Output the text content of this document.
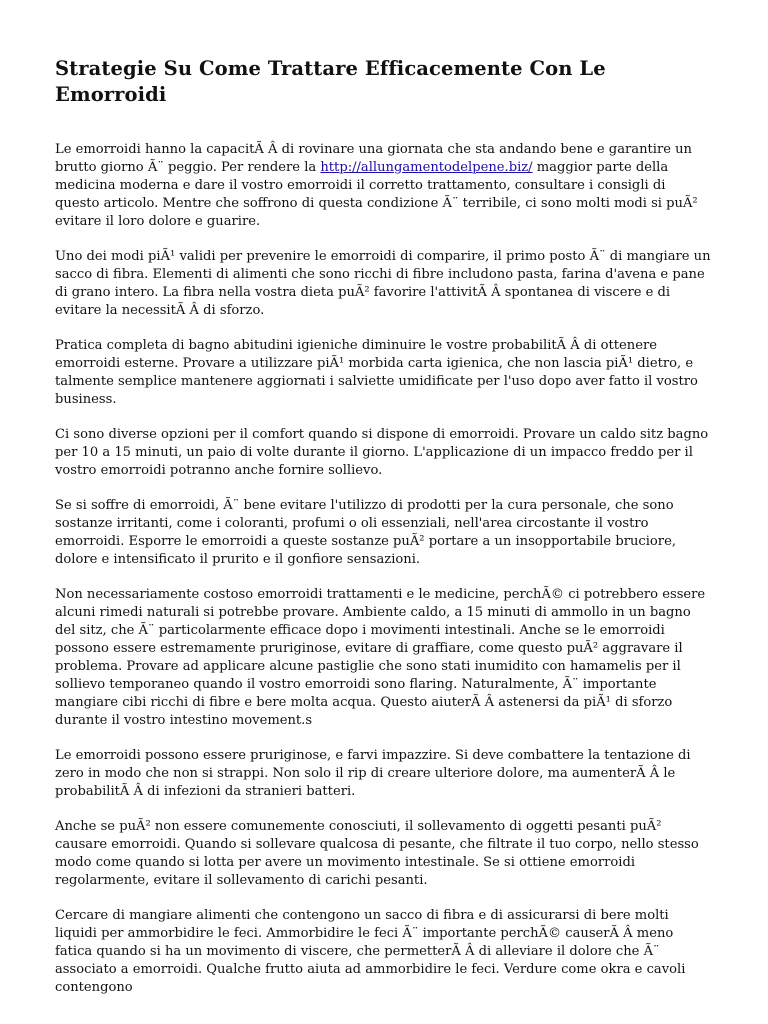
Strategie Su Come Trattare Efficacemente Con Le Emorroidi

Le emorroidi hanno la capacitÃ Â di rovinare una giornata che sta andando bene e garantire un brutto giorno Ã¨ peggio. Per rendere la http://allungamentodelpene.biz/ maggior parte della medicina moderna e dare il vostro emorroidi il corretto trattamento, consultare i consigli di questo articolo. Mentre che soffrono di questa condizione Ã¨ terribile, ci sono molti modi si puÃ² evitare il loro dolore e guarire.

Uno dei modi piÃ¹ validi per prevenire le emorroidi di comparire, il primo posto Ã¨ di mangiare un sacco di fibra. Elementi di alimenti che sono ricchi di fibre includono pasta, farina d'avena e pane di grano intero. La fibra nella vostra dieta puÃ² favorire l'attivitÃ Â spontanea di viscere e di evitare la necessitÃ Â di sforzo.

Pratica completa di bagno abitudini igieniche diminuire le vostre probabilitÃ Â di ottenere emorroidi esterne. Provare a utilizzare piÃ¹ morbida carta igienica, che non lascia piÃ¹ dietro, e talmente semplice mantenere aggiornati i salviette umidificate per l'uso dopo aver fatto il vostro business.

Ci sono diverse opzioni per il comfort quando si dispone di emorroidi. Provare un caldo sitz bagno per 10 a 15 minuti, un paio di volte durante il giorno. L'applicazione di un impacco freddo per il vostro emorroidi potranno anche fornire sollievo.

Se si soffre di emorroidi, Ã¨ bene evitare l'utilizzo di prodotti per la cura personale, che sono sostanze irritanti, come i coloranti, profumi o oli essenziali, nell'area circostante il vostro emorroidi. Esporre le emorroidi a queste sostanze puÃ² portare a un insopportabile bruciore, dolore e intensificato il prurito e il gonfiore sensazioni.

Non necessariamente costoso emorroidi trattamenti e le medicine, perchÃ© ci potrebbero essere alcuni rimedi naturali si potrebbe provare. Ambiente caldo, a 15 minuti di ammollo in un bagno del sitz, che Ã¨ particolarmente efficace dopo i movimenti intestinali. Anche se le emorroidi possono essere estremamente pruriginose, evitare di graffiare, come questo puÃ² aggravare il problema. Provare ad applicare alcune pastiglie che sono stati inumidito con hamamelis per il sollievo temporaneo quando il vostro emorroidi sono flaring. Naturalmente, Ã¨ importante mangiare cibi ricchi di fibre e bere molta acqua. Questo aiuterÃ Â astenersi da piÃ¹ di sforzo durante il vostro intestino movement.s

Le emorroidi possono essere pruriginose, e farvi impazzire. Si deve combattere la tentazione di zero in modo che non si strappi. Non solo il rip di creare ulteriore dolore, ma aumenterÃ Â le probabilitÃ Â di infezioni da stranieri batteri.

Anche se puÃ² non essere comunemente conosciuti, il sollevamento di oggetti pesanti puÃ² causare emorroidi. Quando si sollevare qualcosa di pesante, che filtrate il tuo corpo, nello stesso modo come quando si lotta per avere un movimento intestinale. Se si ottiene emorroidi regolarmente, evitare il sollevamento di carichi pesanti.

Cercare di mangiare alimenti che contengono un sacco di fibra e di assicurarsi di bere molti liquidi per ammorbidire le feci. Ammorbidire le feci Ã¨ importante perchÃ© causerÃ Â meno fatica quando si ha un movimento di viscere, che permetterÃ Â di alleviare il dolore che Ã¨ associato a emorroidi. Qualche frutto aiuta ad ammorbidire le feci. Verdure come okra e cavoli contengono
